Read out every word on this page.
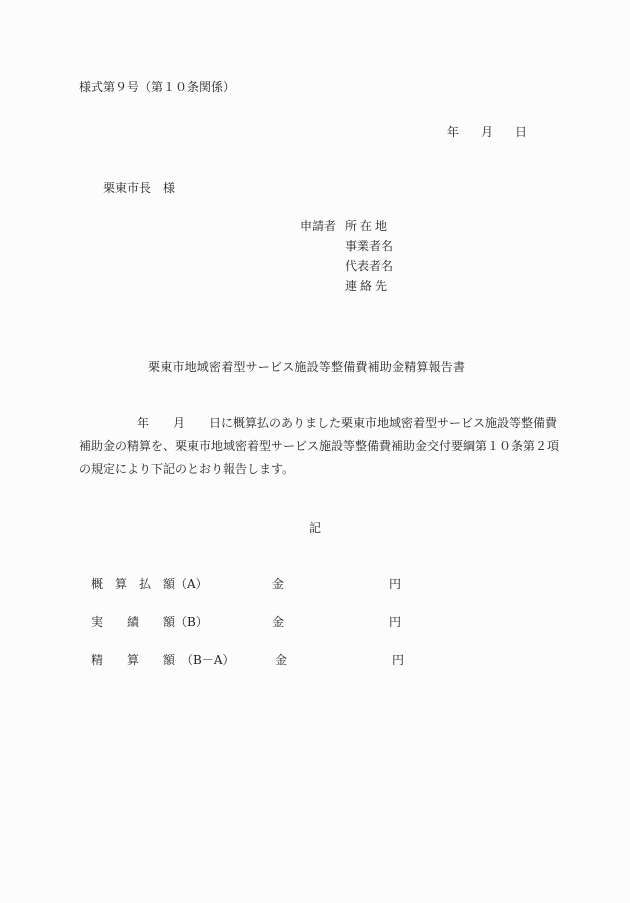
様式第９号（第１０条関係）
年 月 日
栗東市長　様
申請者 所在地
事業者名
代表者名
連絡先
栗東市地域密着型サービス施設等整備費補助金精算報告書
年　　月　　日に概算払のありました栗東市地域密着型サービス施設等整備費
補助金の精算を、栗東市地域密着型サービス施設等整備費補助金交付要綱第１０条第２項
の規定により下記のとおり報告します。
記
概　算　払　額（A）	金	円
実　　績　　額（B）	金	円
精　　算　　額　（B－A）	金	円
